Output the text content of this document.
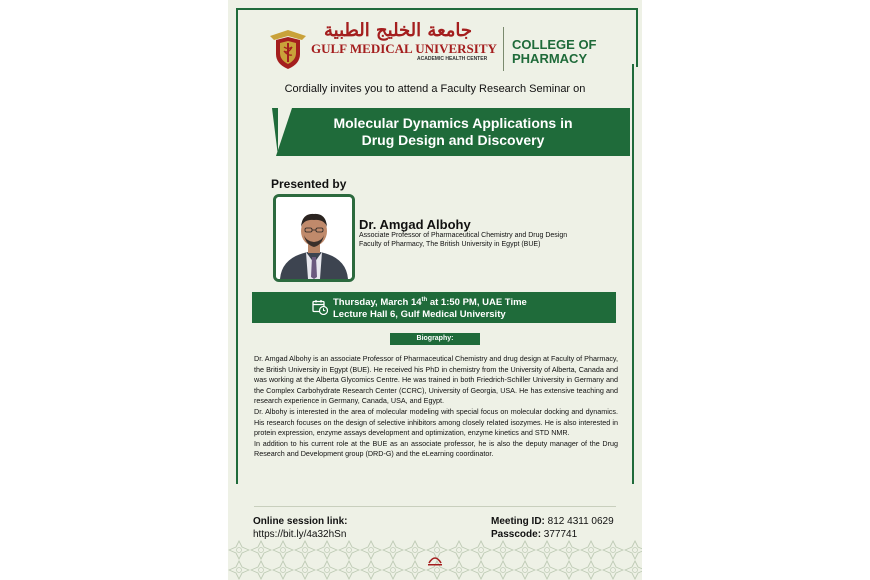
جامعة الخليج الطبية
GULF MEDICAL UNIVERSITY
ACADEMIC HEALTH CENTER
COLLEGE OF
PHARMACY
Cordially invites you to attend a Faculty Research Seminar on
Molecular Dynamics Applications in
Drug Design and Discovery
Presented by
Dr. Amgad Albohy
Associate Professor of Pharmaceutical Chemistry and Drug Design
Faculty of Pharmacy, The British University in Egypt (BUE)
Thursday, March 14th at 1:50 PM, UAE Time
Lecture Hall 6, Gulf Medical University
Biography:

Dr. Amgad Albohy is an associate Professor of Pharmaceutical Chemistry and drug design at Faculty of Pharmacy, the British University in Egypt (BUE). He received his PhD in chemistry from the University of Alberta, Canada and was working at the Alberta Glycomics Centre. He was trained in both Friedrich-Schiller University in Germany and the Complex Carbohydrate Research Center (CCRC), University of Georgia, USA. He has extensive teaching and research experience in Germany, Canada, USA, and Egypt.

Dr. Albohy is interested in the area of molecular modeling with special focus on molecular docking and dynamics. His research focuses on the design of selective inhibitors among closely related isozymes. He is also interested in protein expression, enzyme assays development and optimization, enzyme kinetics and STD NMR.

In addition to his current role at the BUE as an associate professor, he is also the deputy manager of the Drug Research and Development group (DRD-G) and the eLearning coordinator.

Online session link:
https://bit.ly/4a32hSn
Meeting ID: 812 4311 0629
Passcode: 377741
